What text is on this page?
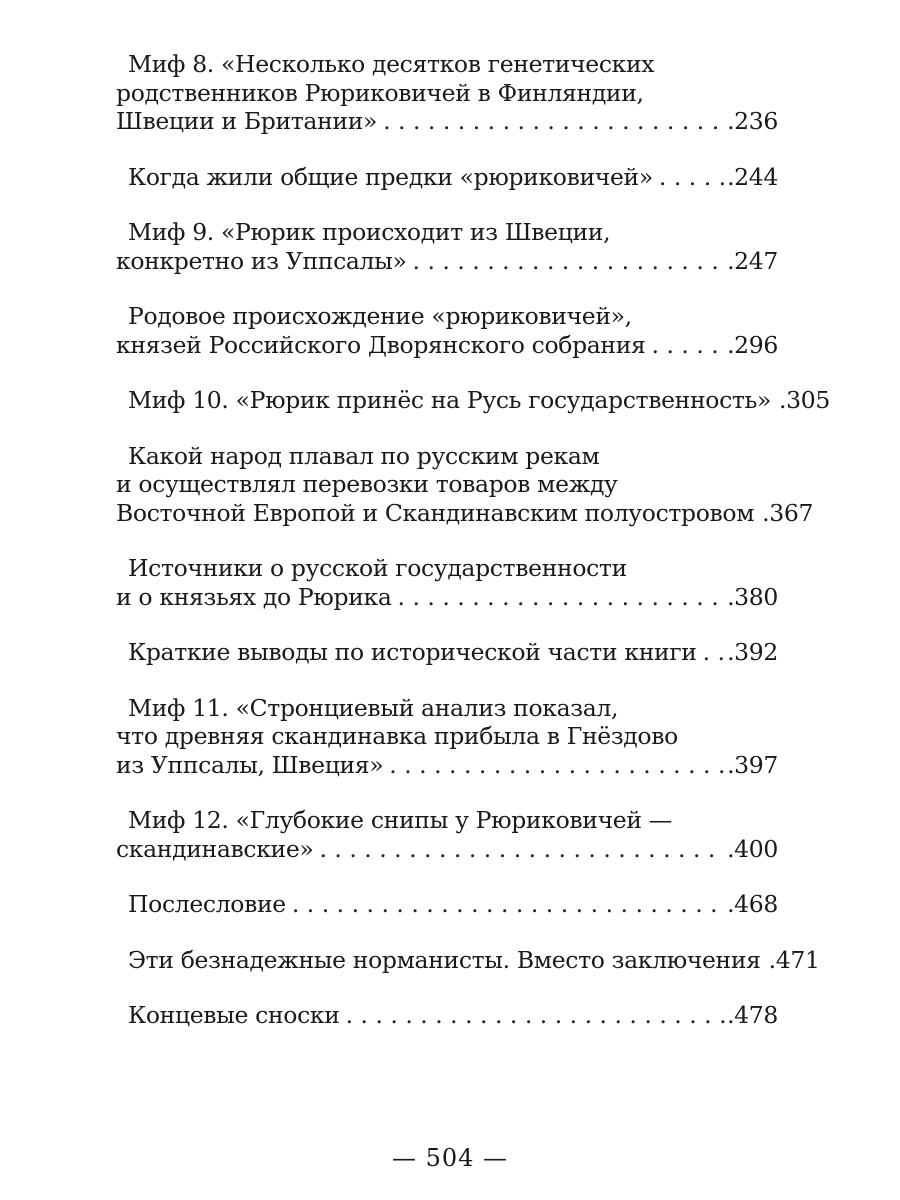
Миф 8. «Несколько десятков генетических
родственников Рюриковичей в Финляндии,
Швеции и Британии» . . .	.236
Когда жили общие предки «рюриковичей» . . .	.244
Миф 9. «Рюрик происходит из Швеции,
конкретно из Уппсалы» . . .	.247
Родовое происхождение «рюриковичей»,
князей Российского Дворянского собрания . . .	.296
Миф 10. «Рюрик принёс на Русь государственность» . . . .305
Какой народ плавал по русским рекам
и осуществлял перевозки товаров между
Восточной Европой и Скандинавским полуостровом . . . .367
Источники о русской государственности
и о князьях до Рюрика . . .	.380
Краткие выводы по исторической части книги . . . .392
Миф 11. «Стронциевый анализ показал,
что древняя скандинавка прибыла в Гнёздово
из Уппсалы, Швеция» . . .	.397
Миф 12. «Глубокие снипы у Рюриковичей —
скандинавские» . . .	.400
Послесловие . . .	.468
Эти безнадежные норманисты. Вместо заключения . . . .471
Концевые сноски . . .	.478
— 504 —
